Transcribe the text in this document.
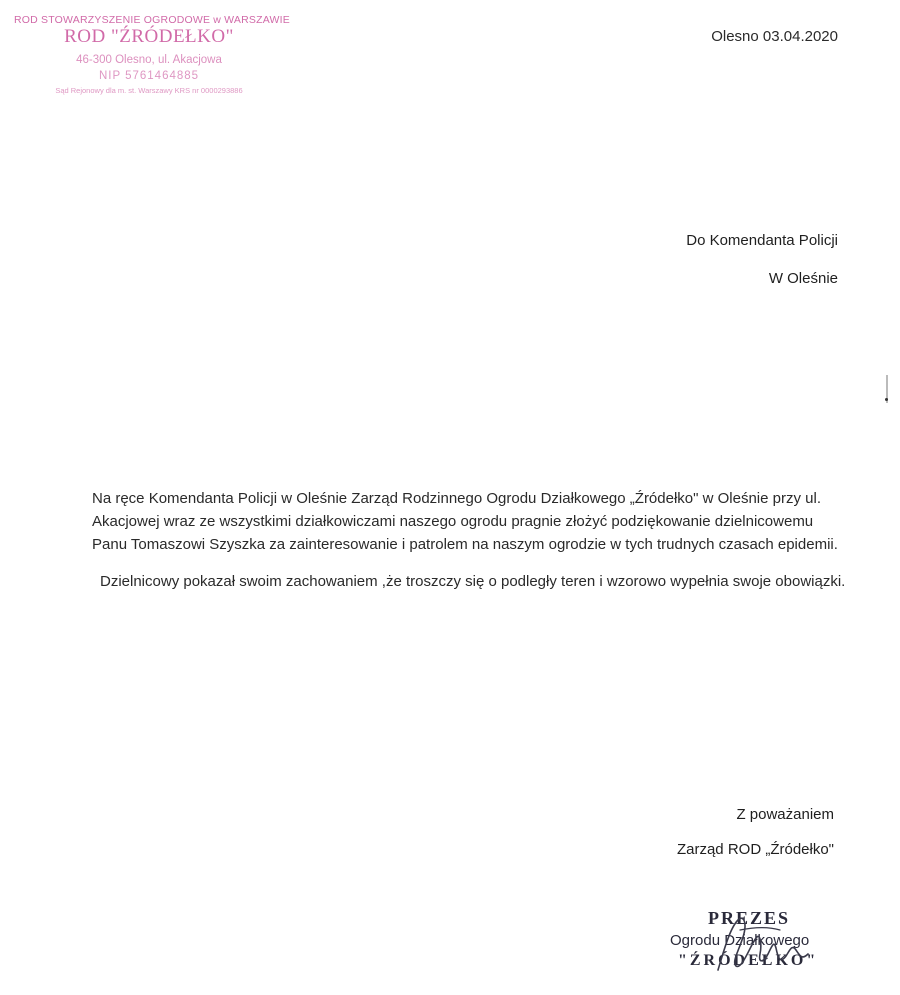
ROD STOWARZYSZENIE OGRODOWE w WARSZAWIE
ROD "ŹRÓDEŁKO"
46-300 Olesno, ul. Akacjowa
NIP 5761464885
Sąd Rejonowy dla m. st. Warszawy KRS nr 0000293886
Olesno 03.04.2020
Do Komendanta Policji
W Oleśnie

Na ręce Komendanta Policji w Oleśnie Zarząd Rodzinnego Ogrodu Działkowego „Źródełko" w Oleśnie przy ul. Akacjowej wraz ze wszystkimi działkowiczami naszego ogrodu pragnie złożyć podziękowanie dzielnicowemu Panu Tomaszowi Szyszka za zainteresowanie i patrolem na naszym ogrodzie w tych trudnych czasach epidemii.

Dzielnicowy pokazał swoim zachowaniem ,że troszczy się o podległy teren i wzorowo wypełnia swoje obowiązki.

Z poważaniem
Zarząd ROD „Źródełko"
PREZES
Ogrodu Działkowego
"ŹRÓDEŁKO"
